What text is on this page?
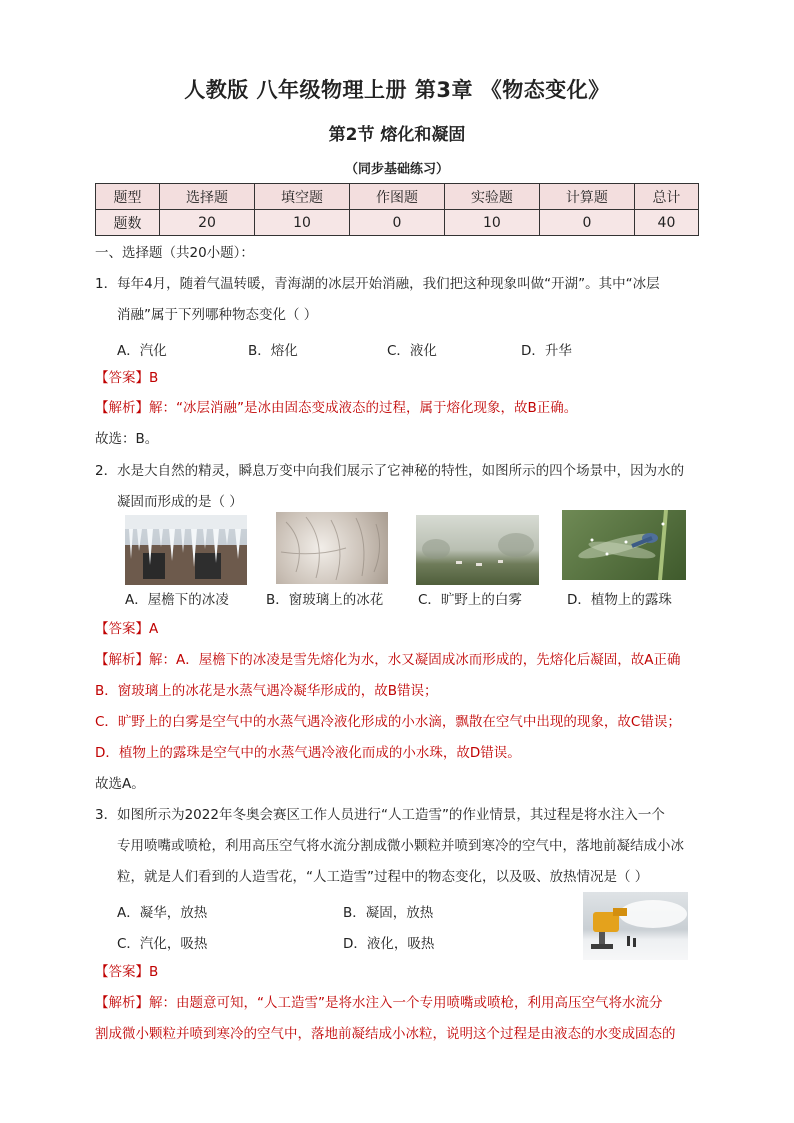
人教版 八年级物理上册 第3章 《物态变化》
第2节 熔化和凝固
（同步基础练习）
题型	选择题	填空题	作图题	实验题	计算题	总计
题数	20	10	0	10	0	40
一、选择题（共20小题）：
1．每年4月，随着气温转暖，青海湖的冰层开始消融，我们把这种现象叫做“开湖”。其中“冰层
消融”属于下列哪种物态变化（ ）
A．汽化	B．熔化	C．液化	D．升华
【答案】B
【解析】解：“冰层消融”是冰由固态变成液态的过程，属于熔化现象，故B正确。
故选：B。
2．水是大自然的精灵，瞬息万变中向我们展示了它神秘的特性，如图所示的四个场景中，因为水的
凝固而形成的是（ ）
A．屋檐下的冰凌	B．窗玻璃上的冰花	C．旷野上的白雾	D．植物上的露珠
【答案】A
【解析】解：A．屋檐下的冰凌是雪先熔化为水，水又凝固成冰而形成的，先熔化后凝固，故A正确
B．窗玻璃上的冰花是水蒸气遇冷凝华形成的，故B错误；
C．旷野上的白雾是空气中的水蒸气遇冷液化形成的小水滴，飘散在空气中出现的现象，故C错误；
D．植物上的露珠是空气中的水蒸气遇冷液化而成的小水珠，故D错误。
故选A。
3．如图所示为2022年冬奥会赛区工作人员进行“人工造雪”的作业情景，其过程是将水注入一个
专用喷嘴或喷枪，利用高压空气将水流分割成微小颗粒并喷到寒冷的空气中，落地前凝结成小冰
粒，就是人们看到的人造雪花，“人工造雪”过程中的物态变化，以及吸、放热情况是（ ）
A．凝华，放热	B．凝固，放热
C．汽化，吸热	D．液化，吸热
【答案】B
【解析】解：由题意可知，“人工造雪”是将水注入一个专用喷嘴或喷枪，利用高压空气将水流分
割成微小颗粒并喷到寒冷的空气中，落地前凝结成小冰粒，说明这个过程是由液态的水变成固态的
